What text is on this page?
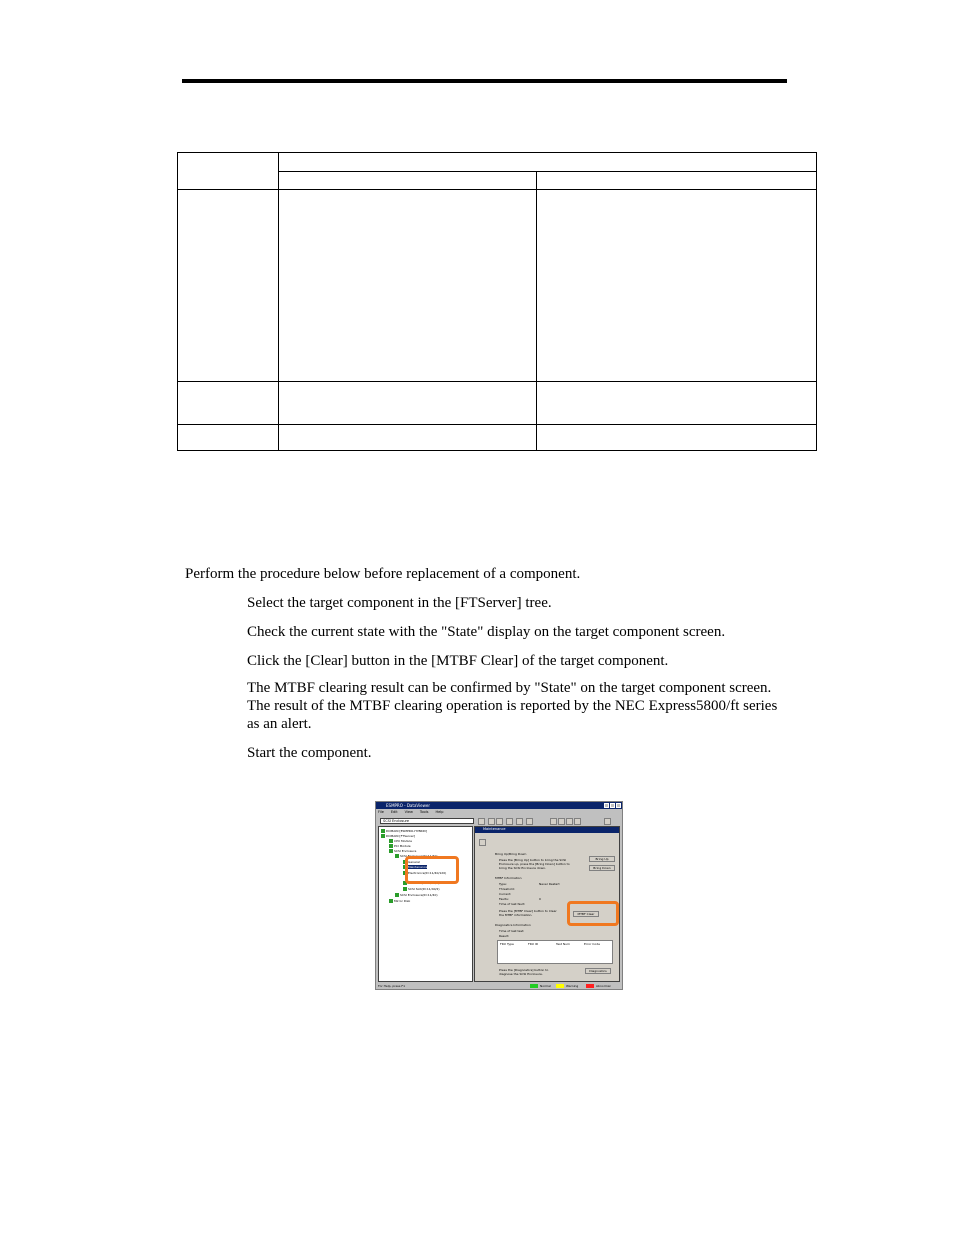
Perform the procedure below before replacement of a component.
Select the target component in the [FTServer] tree.
Check the current state with the "State" display on the target component screen.
Click the [Clear] button in the [MTBF Clear] of the target component.
The MTBF clearing result can be confirmed by "State" on the target component screen.
The result of the MTBF clearing operation is reported by the NEC Express5800/ft series
as an alert.
Start the component.
ESMPRO - DataViewer
File Edit View Tools Help
SCSI Enclosure
DOMAIN [ESMPRO-HYBRID]
DOMAIN [FTServer]
CPU Module
PCI Module
SCSI Enclosure
SCSI Enclosure(ID:11/40)
General
Maintenance
Electronics(ID:11/40/120)
SCSI Slot(ID:11/40/1)
SCSI Slot(ID:11/40/2)
SCSI Enclosure(ID:11/40)
Mirror Disk
Maintenance
Bring Up/Bring Down
Press the [Bring Up] button to bring the SCSI
Enclosure up, press the [Bring Down] button to
bring the SCSI Enclosure down.
Bring Up
Bring Down
MTBF Information
Type:	Never Restart
Threshold:
Current:
Faults:	0
Time of last fault:
Press the [MTBF Clear] button to Clear
the MTBF information.	MTBF Clear
Diagnostics Information
Time of last test:
Result:
FRU Type	FRU ID	Test Num	Error Code
Press the [Diagnostics] button to
diagnose the SCSI Enclosure.
Diagnostics
For Help, press F1	Normal	Warning	Abnormal
